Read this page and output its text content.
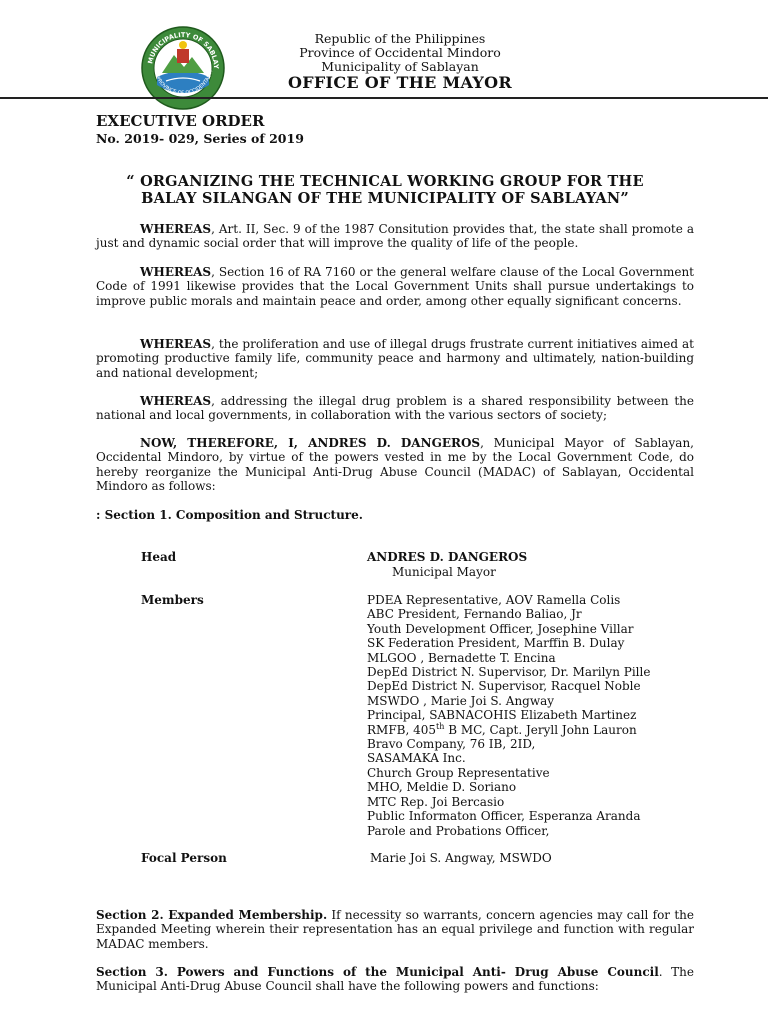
MUNICIPALITY OF SABLAY
PROVINCE OF OCCIDENTAL M
Republic of the Philippines
Province of Occidental Mindoro
Municipality of Sablayan
OFFICE OF THE MAYOR
EXECUTIVE ORDER
No. 2019- 029, Series of 2019
“ ORGANIZING THE TECHNICAL WORKING GROUP FOR THE
BALAY SILANGAN OF THE MUNICIPALITY OF SABLAYAN”
WHEREAS, Art. II, Sec. 9 of the 1987 Consitution provides that, the state shall promote a just and dynamic social order that will improve the quality of life of the people.
WHEREAS, Section 16 of RA 7160 or the general welfare clause of the Local Government Code of 1991 likewise provides that the Local Government Units shall pursue undertakings to improve public morals and maintain peace and order, among other equally significant concerns.
WHEREAS, the proliferation and use of illegal drugs frustrate current initiatives aimed at promoting productive family life, community peace and harmony and ultimately, nation-building and national development;
WHEREAS, addressing the illegal drug problem is a shared responsibility between the national and local governments, in collaboration with the various sectors of society;
NOW, THEREFORE, I, ANDRES D. DANGEROS, Municipal Mayor of Sablayan, Occidental Mindoro, by virtue of the powers vested in me by the Local Government Code, do hereby reorganize the Municipal Anti-Drug Abuse Council (MADAC) of Sablayan, Occidental Mindoro as follows:
: Section 1. Composition and Structure.
Head	ANDRES D. DANGEROS
Municipal Mayor
Members	PDEA Representative, AOV Ramella Colis
ABC President, Fernando Baliao, Jr
Youth Development Officer, Josephine Villar
SK Federation President, Marffin B. Dulay
MLGOO , Bernadette T. Encina
DepEd District N. Supervisor, Dr. Marilyn Pille
DepEd District N. Supervisor, Racquel Noble
MSWDO , Marie Joi S. Angway
Principal, SABNACOHIS Elizabeth Martinez
RMFB, 405th B MC, Capt. Jeryll John Lauron
Bravo Company, 76 IB, 2ID,
SASAMAKA Inc.
Church Group Representative
MHO, Meldie D. Soriano
MTC Rep. Joi Bercasio
Public Informaton Officer, Esperanza Aranda
Parole and Probations Officer,
Focal Person	Marie Joi S. Angway, MSWDO
Section 2. Expanded Membership. If necessity so warrants, concern agencies may call for the Expanded Meeting wherein their representation has an equal privilege and function with regular MADAC members.
Section 3. Powers and Functions of the Municipal Anti- Drug Abuse Council. The Municipal Anti-Drug Abuse Council shall have the following powers and functions:
